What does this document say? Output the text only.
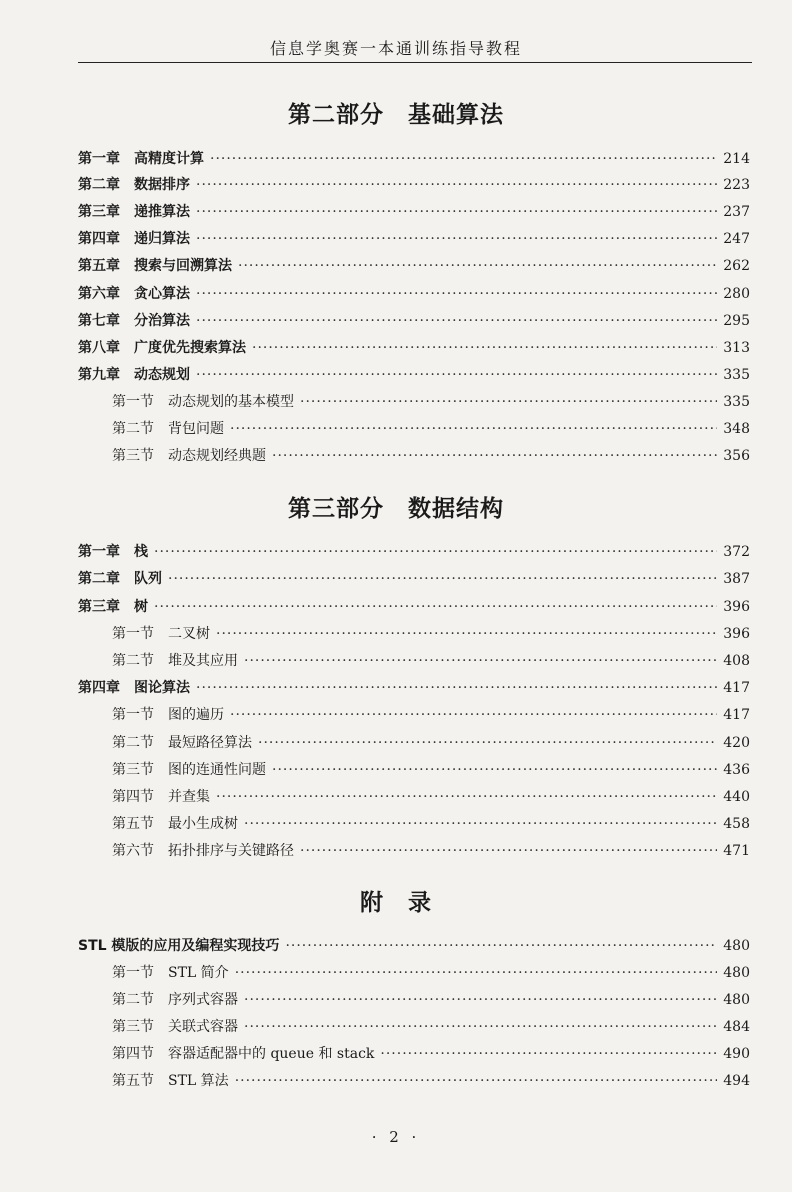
信息学奥赛一本通训练指导教程
第二部分　基础算法
第一章 高精度计算 ·····	214
第二章 数据排序 ·····	223
第三章 递推算法 ·····	237
第四章 递归算法 ·····	247
第五章 搜索与回溯算法 ·····	262
第六章 贪心算法 ·····	280
第七章 分治算法 ·····	295
第八章 广度优先搜索算法 ·····	313
第九章 动态规划 ·····	335
第一节 动态规划的基本模型 ·····	335
第二节 背包问题 ·····	348
第三节 动态规划经典题 ·····	356
第三部分　数据结构
第一章 栈 ·····	372
第二章 队列 ·····	387
第三章 树 ·····	396
第一节 二叉树 ·····	396
第二节 堆及其应用 ·····	408
第四章 图论算法 ·····	417
第一节 图的遍历 ·····	417
第二节 最短路径算法 ·····	420
第三节 图的连通性问题 ·····	436
第四节 并查集 ·····	440
第五节 最小生成树 ·····	458
第六节 拓扑排序与关键路径 ·····	471
附　录
STL 模版的应用及编程实现技巧 ·····	480
第一节 STL 简介 ·····	480
第二节 序列式容器 ·····	480
第三节 关联式容器 ·····	484
第四节 容器适配器中的 queue 和 stack ·····	490
第五节 STL 算法 ·····	494
· 2 ·
